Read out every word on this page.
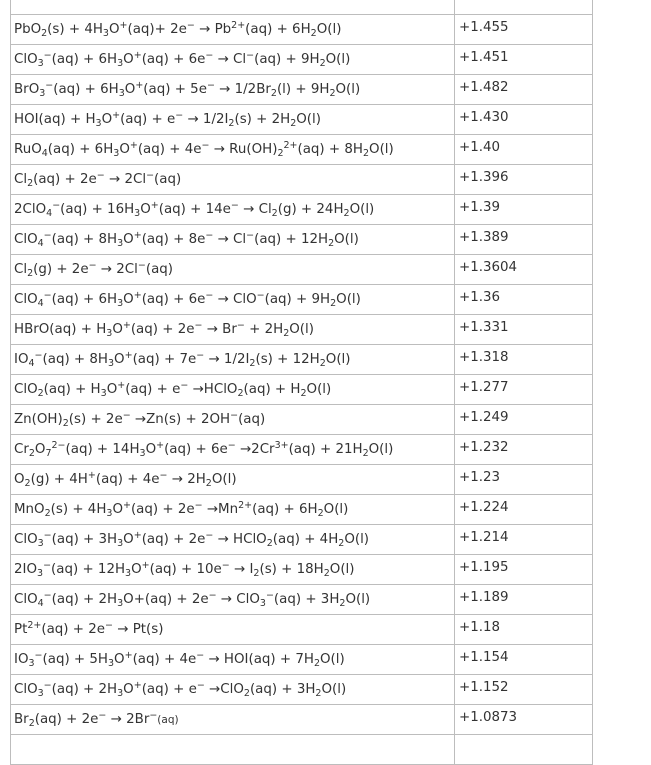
$PbO_2(s) + 4H_3O^+(aq)+ 2e^- \to Pb^{2+}(aq) + 6H_2O(l)$	+1.455
$ClO_3^-(aq) + 6H_3O^+(aq) + 6e^- \to Cl^-(aq) + 9H_2O(l)$	+1.451
$BrO_3^-(aq) + 6H_3O^+(aq) + 5e^- \to 1/2Br_2(l) + 9H_2O(l)$	+1.482
$HOI(aq) + H_3O^+(aq) + e^- \to 1/2I_2(s) + 2H_2O(l)$	+1.430
$RuO_4(aq) + 6H_3O^+(aq) + 4e^- \to Ru(OH)_2^{2+}(aq) + 8H_2O(l)$	+1.40
$Cl_2(aq) + 2e^- \to 2Cl^-(aq)$	+1.396
$2ClO_4^-(aq) + 16H_3O^+(aq) + 14e^- \to Cl_2(g) + 24H_2O(l)$	+1.39
$ClO_4^-(aq) + 8H_3O^+(aq) + 8e^- \to Cl^-(aq) + 12H_2O(l)$	+1.389
$Cl_2(g) + 2e^- \to 2Cl^-(aq)$	+1.3604
$ClO_4^-(aq) + 6H_3O^+(aq) + 6e^- \to ClO^-(aq) + 9H_2O(l)$	+1.36
HBrO(aq) + $H_3O^+(aq) + 2e^- \to Br^- + 2H_2O(l)$	+1.331
$IO_4^-(aq) + 8H_3O^+(aq) + 7e^- \to 1/2I_2(s) + 12H_2O(l)$	+1.318
$ClO_2(aq) + H_3O^+(aq) + e^-$ →HClO$_2$(aq) + $H_2O(l)$	+1.277
$Zn(OH)_2(s) + 2e^- \to Zn(s) + 2OH^-(aq)$	+1.249
$Cr_2O_7^{2-}(aq) + 14H_3O^+(aq) + 6e^- \to 2Cr^{3+}(aq) + 21H_2O(l)$	+1.232
$O_2(g) + 4H^+(aq) + 4e^- \to 2H_2O(l)$	+1.23
$MnO_2(s) + 4H_3O^+(aq) + 2e^- \to Mn^{2+}(aq) + 6H_2O(l)$	+1.224
$ClO_3^-(aq) + 3H_3O^+(aq) + 2e^-$ → HClO$_2$(aq) + $4H_2O(l)$	+1.214
$2IO_3^-(aq) + 12H_3O^+(aq) + 10e^- \to I_2(s) + 18H_2O(l)$	+1.195
$ClO_4^-(aq) + 2H_3O+(aq) + 2e^- \to ClO_3^-(aq) + 3H_2O(l)$	+1.189
$Pt^{2+}(aq) + 2e^- \to Pt(s)$	+1.18
$IO_3^-(aq) + 5H_3O^+(aq) + 4e^- \to HOI(aq) + 7H_2O(l)$	+1.154
$ClO_3^-(aq) + 2H_3O^+(aq) + e^- \to ClO_2(aq) + 3H_2O(l)$	+1.152
$Br_2(aq) + 2e^- \to 2Br^-(aq)$	+1.0873
